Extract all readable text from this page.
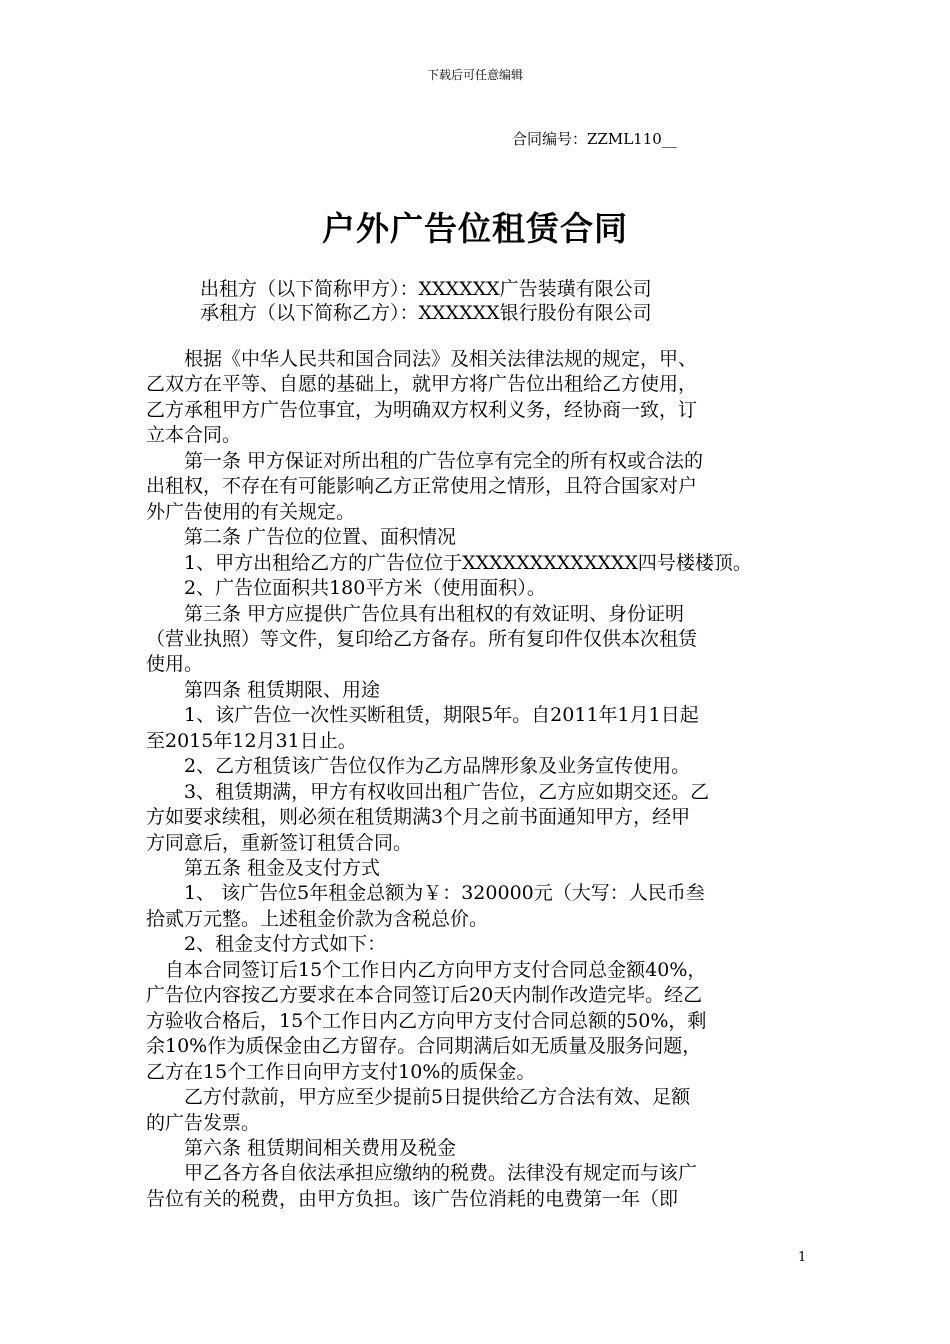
下载后可任意编辑
合同编号：ZZML110__
户外广告位租赁合同
出租方（以下简称甲方）：XXXXXX广告装璜有限公司
承租方（以下简称乙方）：XXXXXX银行股份有限公司
　　根据《中华人民共和国合同法》及相关法律法规的规定，甲、
乙双方在平等、自愿的基础上，就甲方将广告位出租给乙方使用，
乙方承租甲方广告位事宜，为明确双方权利义务，经协商一致，订
立本合同。
　　第一条 甲方保证对所出租的广告位享有完全的所有权或合法的
出租权，不存在有可能影响乙方正常使用之情形，且符合国家对户
外广告使用的有关规定。
　　第二条 广告位的位置、面积情况
　　1、甲方出租给乙方的广告位位于XXXXXXXXXXXXX四号楼楼顶。
　　2、广告位面积共180平方米（使用面积）。
　　第三条 甲方应提供广告位具有出租权的有效证明、身份证明
（营业执照）等文件，复印给乙方备存。所有复印件仅供本次租赁
使用。
　　第四条 租赁期限、用途
　　1、该广告位一次性买断租赁，期限5年。自2011年1月1日起
至2015年12月31日止。
　　2、乙方租赁该广告位仅作为乙方品牌形象及业务宣传使用。
　　3、租赁期满，甲方有权收回出租广告位，乙方应如期交还。乙
方如要求续租，则必须在租赁期满3个月之前书面通知甲方，经甲
方同意后，重新签订租赁合同。
　　第五条 租金及支付方式
　　1、 该广告位5年租金总额为￥：320000元（大写：人民币叁
拾贰万元整。上述租金价款为含税总价。
　　2、租金支付方式如下：
　自本合同签订后15个工作日内乙方向甲方支付合同总金额40%，
广告位内容按乙方要求在本合同签订后20天内制作改造完毕。经乙
方验收合格后，15个工作日内乙方向甲方支付合同总额的50%，剩
余10%作为质保金由乙方留存。合同期满后如无质量及服务问题，
乙方在15个工作日向甲方支付10%的质保金。
　　乙方付款前，甲方应至少提前5日提供给乙方合法有效、足额
的广告发票。
　　第六条 租赁期间相关费用及税金
　　甲乙各方各自依法承担应缴纳的税费。法律没有规定而与该广
告位有关的税费，由甲方负担。该广告位消耗的电费第一年（即
1
